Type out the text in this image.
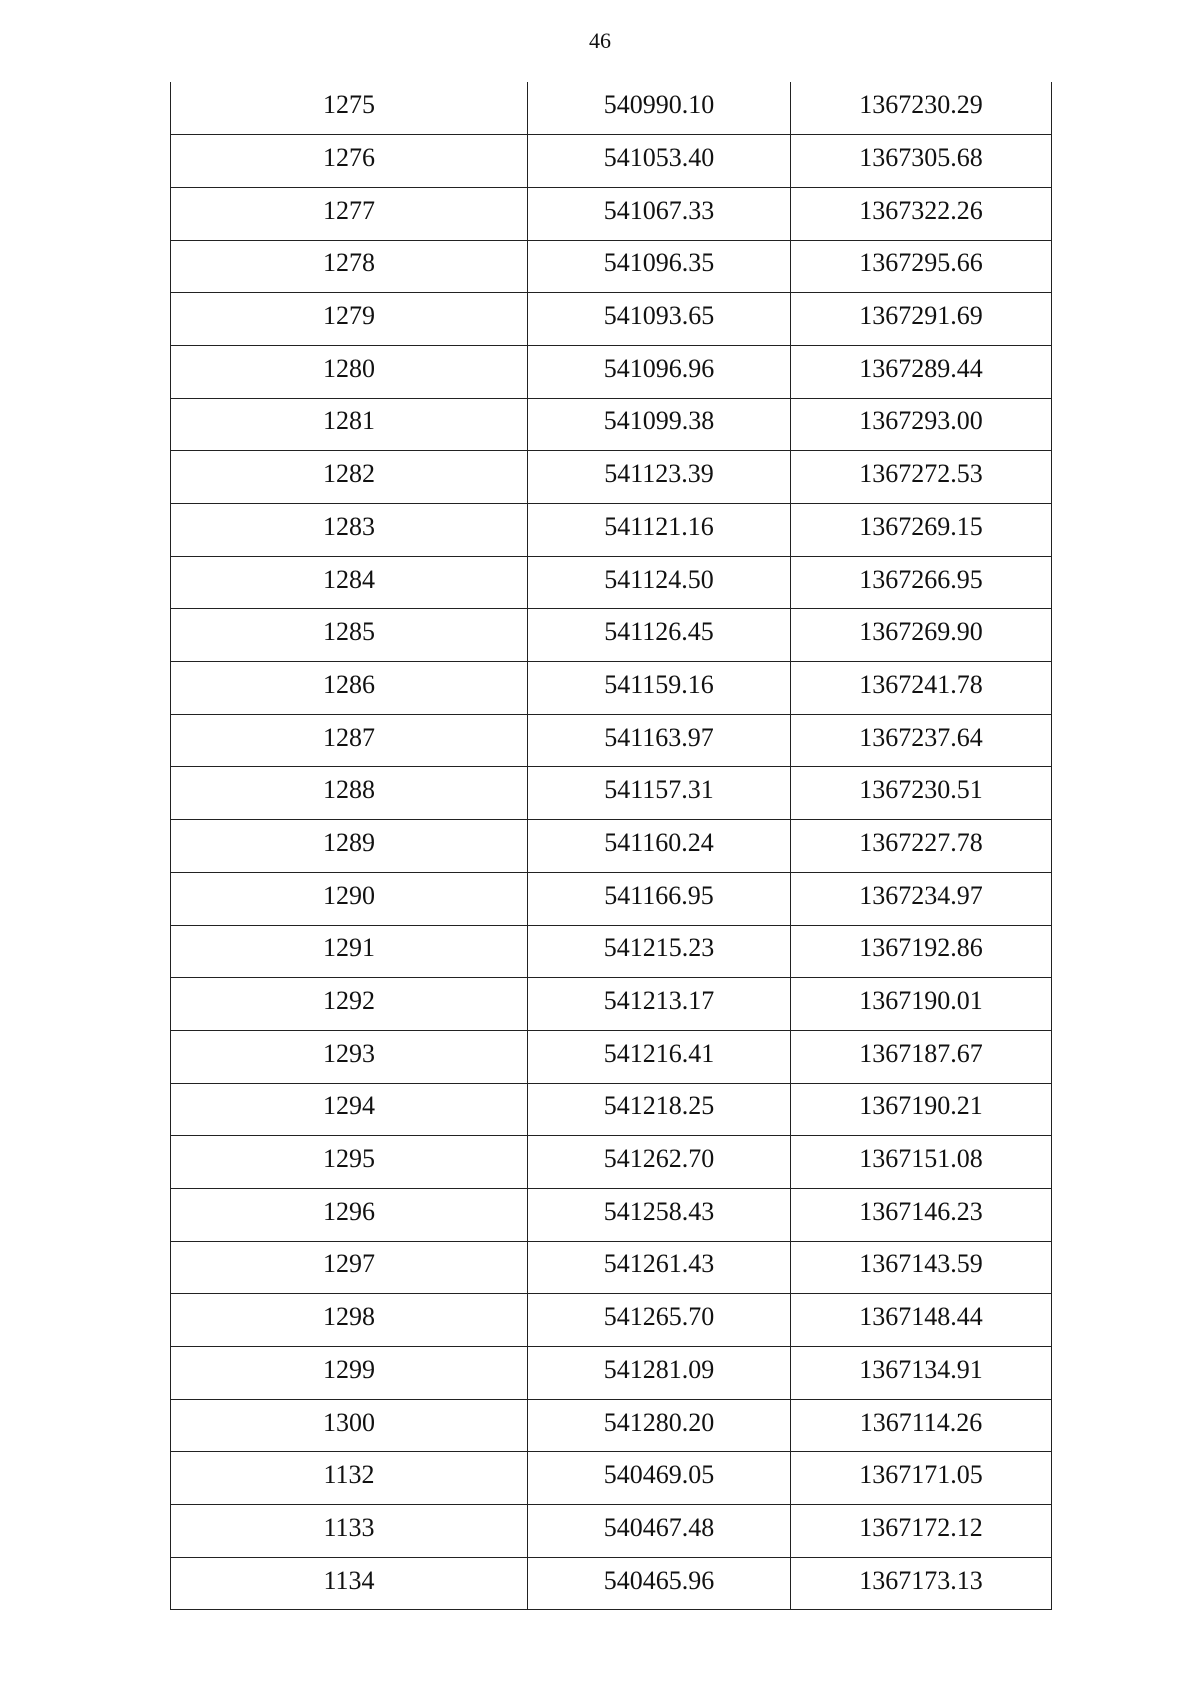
46
1275	540990.10	1367230.29
1276	541053.40	1367305.68
1277	541067.33	1367322.26
1278	541096.35	1367295.66
1279	541093.65	1367291.69
1280	541096.96	1367289.44
1281	541099.38	1367293.00
1282	541123.39	1367272.53
1283	541121.16	1367269.15
1284	541124.50	1367266.95
1285	541126.45	1367269.90
1286	541159.16	1367241.78
1287	541163.97	1367237.64
1288	541157.31	1367230.51
1289	541160.24	1367227.78
1290	541166.95	1367234.97
1291	541215.23	1367192.86
1292	541213.17	1367190.01
1293	541216.41	1367187.67
1294	541218.25	1367190.21
1295	541262.70	1367151.08
1296	541258.43	1367146.23
1297	541261.43	1367143.59
1298	541265.70	1367148.44
1299	541281.09	1367134.91
1300	541280.20	1367114.26
1132	540469.05	1367171.05
1133	540467.48	1367172.12
1134	540465.96	1367173.13
